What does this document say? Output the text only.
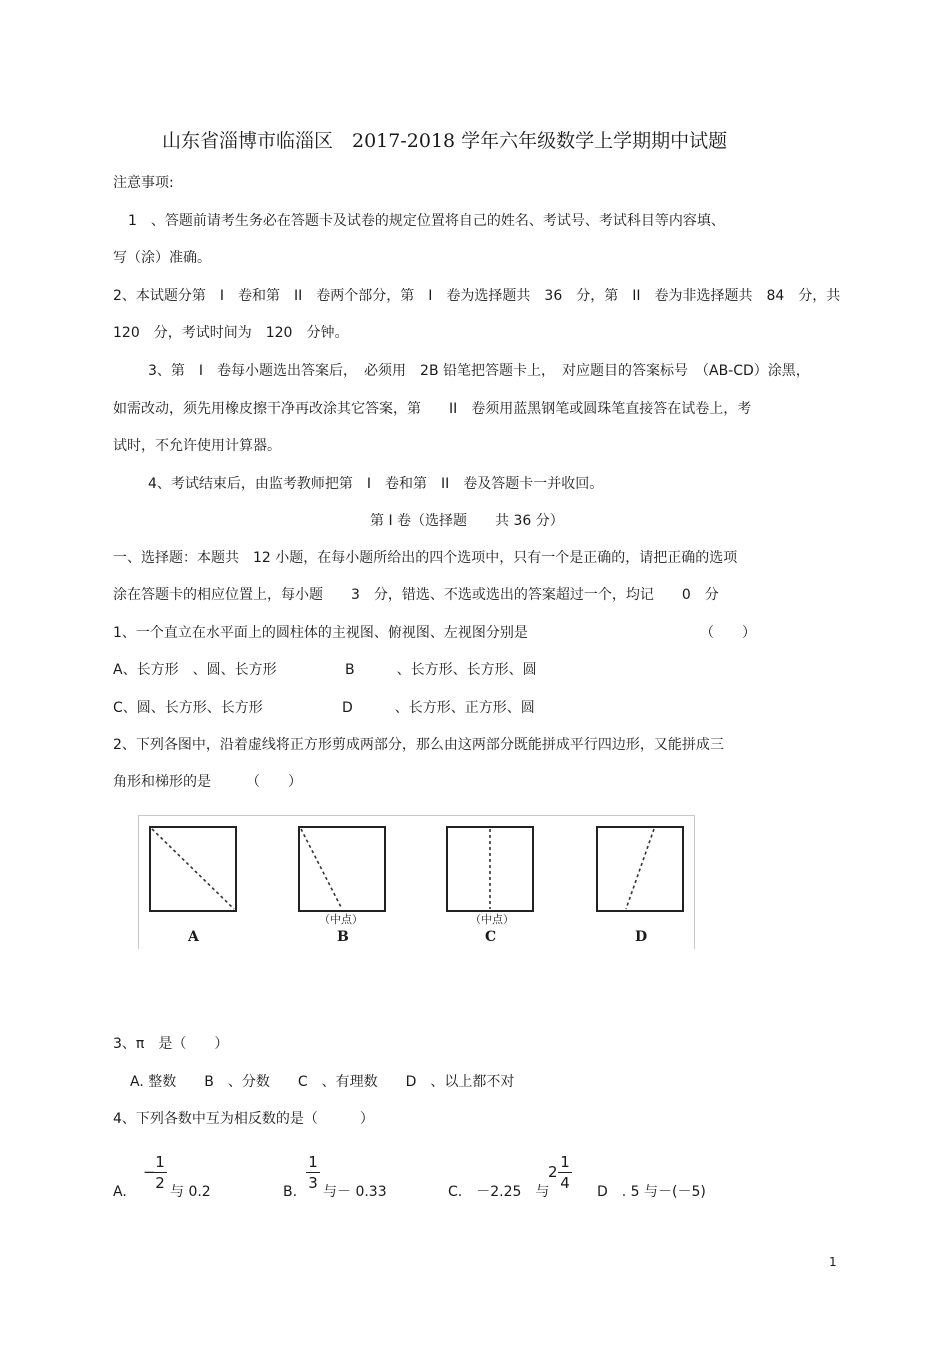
山东省淄博市临淄区　2017-2018 学年六年级数学上学期期中试题
注意事项:
1　、答题前请考生务必在答题卡及试卷的规定位置将自己的姓名、考试号、考试科目等内容填、
写（涂）准确。
2、本试题分第　I　卷和第　II　卷两个部分，第　I　卷为选择题共　36　分，第　II　卷为非选择题共　84　分，共
120　分，考试时间为　120　分钟。
3、第　I　卷每小题选出答案后，　必须用　2B 铅笔把答题卡上，　对应题目的答案标号　（AB-CD）涂黑，
如需改动，须先用橡皮擦干净再改涂其它答案，第　　II　卷须用蓝黑钢笔或圆珠笔直接答在试卷上，考
试时，不允许使用计算器。
4、考试结束后，由监考教师把第　I　卷和第　II　卷及答题卡一并收回。
第 I 卷（选择题　　共 36 分）
一、选择题：本题共　12 小题，在每小题所给出的四个选项中，只有一个是正确的，请把正确的选项
涂在答题卡的相应位置上，每小题　　3　分，错选、不选或选出的答案超过一个，均记　　0　分
1、一个直立在水平面上的圆柱体的主视图、俯视图、左视图分别是	（　　）
A、长方形　、圆、长方形	B　　　、长方形、长方形、圆
C、圆、长方形、长方形	D　　　、长方形、正方形、圆
2、下列各图中，沿着虚线将正方形剪成两部分，那么由这两部分既能拼成平行四边形，又能拼成三
角形和梯形的是　　　（　　）
A
（中点）
B
（中点）
C	D
3、π　是（　　）
A. 整数　　B　、分数　　C　、有理数　　D　、以上都不对
4、下列各数中互为相反数的是（　　　）
A.
−
1
2 与 0.2	B.
1
3 与－ 0.33	C.　－2.25　与
2
1
4 D　. 5 与－(－5)
1
